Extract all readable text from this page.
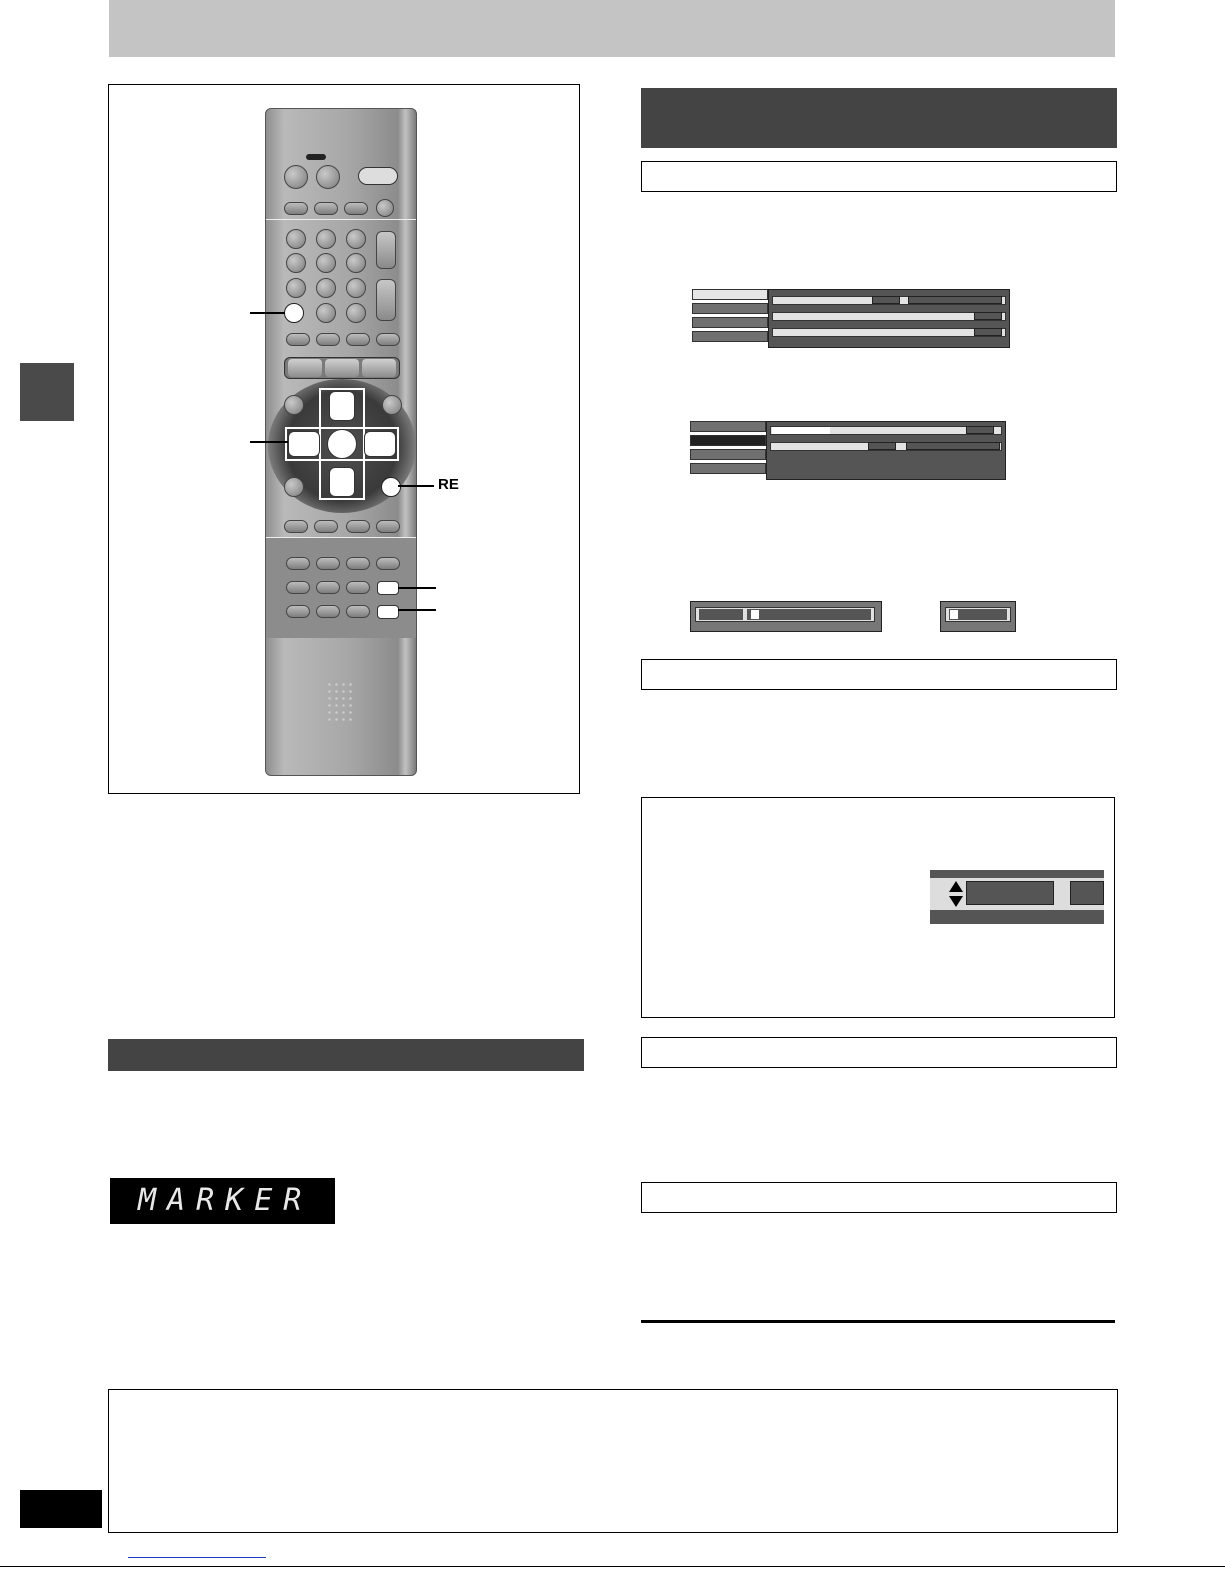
RE
MARKER
